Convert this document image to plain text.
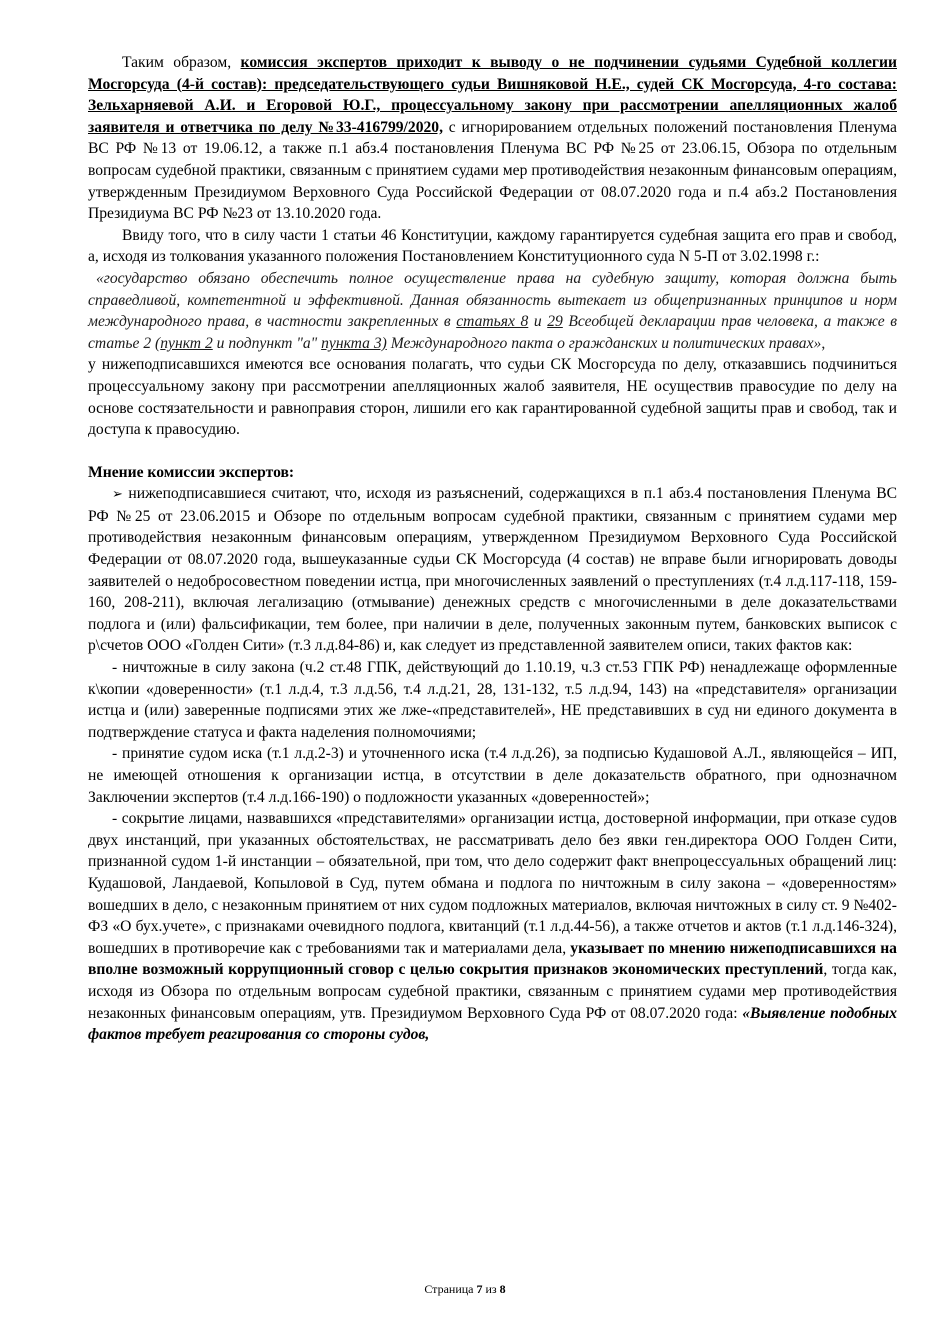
Таким образом, комиссия экспертов приходит к выводу о не подчинении судьями Судебной коллегии Мосгорсуда (4-й состав): председательствующего судьи Вишняковой Н.Е., судей СК Мосгорсуда, 4-го состава: Зельхарняевой А.И. и Егоровой Ю.Г., процессуальному закону при рассмотрении апелляционных жалоб заявителя и ответчика по делу №33-416799/2020, с игнорированием отдельных положений постановления Пленума ВС РФ №13 от 19.06.12, а также п.1 абз.4 постановления Пленума ВС РФ №25 от 23.06.15, Обзора по отдельным вопросам судебной практики, связанным с принятием судами мер противодействия незаконным финансовым операциям, утвержденным Президиумом Верховного Суда Российской Федерации от 08.07.2020 года и п.4 абз.2 Постановления Президиума ВС РФ №23 от 13.10.2020 года.

Ввиду того, что в силу части 1 статьи 46 Конституции, каждому гарантируется судебная защита его прав и свобод, а, исходя из толкования указанного положения Постановлением Конституционного суда N 5-П от 3.02.1998 г.:

«государство обязано обеспечить полное осуществление права на судебную защиту, которая должна быть справедливой, компетентной и эффективной. Данная обязанность вытекает из общепризнанных принципов и норм международного права, в частности закрепленных в статьях 8 и 29 Всеобщей декларации прав человека, а также в статье 2 (пункт 2 и подпункт "a" пункта 3) Международного пакта о гражданских и политических правах»,

у нижеподписавшихся имеются все основания полагать, что судьи СК Мосгорсуда по делу, отказавшись подчиниться процессуальному закону при рассмотрении апелляционных жалоб заявителя, НЕ осуществив правосудие по делу на основе состязательности и равноправия сторон, лишили его как гарантированной судебной защиты прав и свобод, так и доступа к правосудию.

Мнение комиссии экспертов:

➢ нижеподписавшиеся считают, что, исходя из разъяснений, содержащихся в п.1 абз.4 постановления Пленума ВС РФ №25 от 23.06.2015 и Обзоре по отдельным вопросам судебной практики, связанным с принятием судами мер противодействия незаконным финансовым операциям, утвержденном Президиумом Верховного Суда Российской Федерации от 08.07.2020 года, вышеуказанные судьи СК Мосгорсуда (4 состав) не вправе были игнорировать доводы заявителей о недобросовестном поведении истца, при многочисленных заявлений о преступлениях (т.4 л.д.117-118, 159-160, 208-211), включая легализацию (отмывание) денежных средств с многочисленными в деле доказательствами подлога и (или) фальсификации, тем более, при наличии в деле, полученных законным путем, банковских выписок с р\счетов ООО «Голден Сити» (т.3 л.д.84-86) и, как следует из представленной заявителем описи, таких фактов как:

- ничтожные в силу закона (ч.2 ст.48 ГПК, действующий до 1.10.19, ч.3 ст.53 ГПК РФ) ненадлежаще оформленные к\копии «доверенности» (т.1 л.д.4, т.3 л.д.56, т.4 л.д.21, 28, 131-132, т.5 л.д.94, 143) на «представителя» организации истца и (или) заверенные подписями этих же лже-«представителей», НЕ представивших в суд ни единого документа в подтверждение статуса и факта наделения полномочиями;

- принятие судом иска (т.1 л.д.2-3) и уточненного иска (т.4 л.д.26), за подписью Кудашовой А.Л., являющейся – ИП, не имеющей отношения к организации истца, в отсутствии в деле доказательств обратного, при однозначном Заключении экспертов (т.4 л.д.166-190) о подложности указанных «доверенностей»;

- сокрытие лицами, назвавшихся «представителями» организации истца, достоверной информации, при отказе судов двух инстанций, при указанных обстоятельствах, не рассматривать дело без явки ген.директора ООО Голден Сити, признанной судом 1-й инстанции – обязательной, при том, что дело содержит факт внепроцессуальных обращений лиц: Кудашовой, Ландаевой, Копыловой в Суд, путем обмана и подлога по ничтожным в силу закона – «доверенностям» вошедших в дело, с незаконным принятием от них судом подложных материалов, включая ничтожных в силу ст. 9 №402-ФЗ «О бух.учете», с признаками очевидного подлога, квитанций (т.1 л.д.44-56), а также отчетов и актов (т.1 л.д.146-324), вошедших в противоречие как с требованиями так и материалами дела, указывает по мнению нижеподписавшихся на вполне возможный коррупционный сговор с целью сокрытия признаков экономических преступлений, тогда как, исходя из Обзора по отдельным вопросам судебной практики, связанным с принятием судами мер противодействия незаконных финансовым операциям, утв. Президиумом Верховного Суда РФ от 08.07.2020 года: «Выявление подобных фактов требует реагирования со стороны судов,

Страница 7 из 8
